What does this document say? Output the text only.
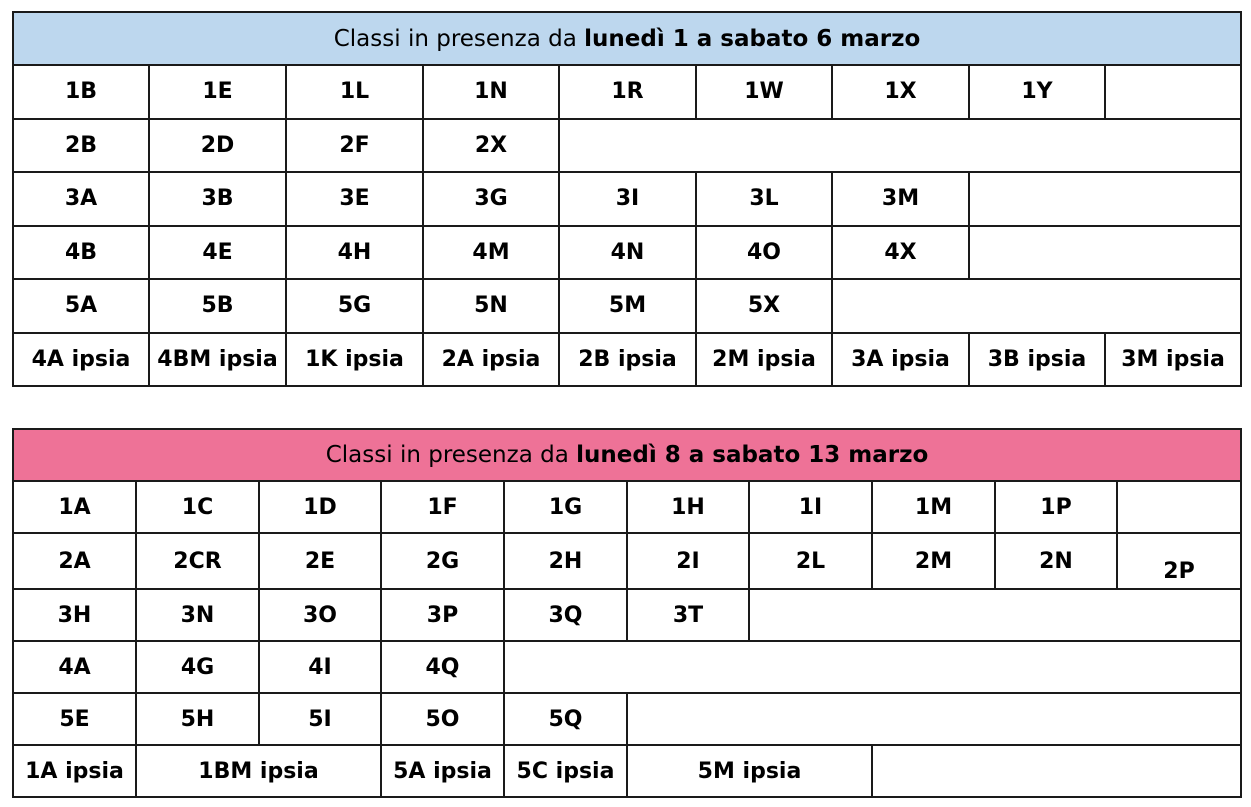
Classi in presenza da lunedì 1 a sabato 6 marzo								
1B	1E	1L	1N	1R	1W	1X	1Y	
2B	2D	2F	2X					
3A	3B	3E	3G	3I	3L	3M		
4B	4E	4H	4M	4N	4O	4X		
5A	5B	5G	5N	5M	5X			
4A ipsia	4BM ipsia	1K ipsia	2A ipsia	2B ipsia	2M ipsia	3A ipsia	3B ipsia	3M ipsia
Classi in presenza da lunedì 8 a sabato 13 marzo									
1A	1C	1D	1F	1G	1H	1I	1M	1P	
2A	2CR	2E	2G	2H	2I	2L	2M	2N	2P
3H	3N	3O	3P	3Q	3T				
4A	4G	4I	4Q						
5E	5H	5I	5O	5Q					
1A ipsia	1BM ipsia		5A ipsia	5C ipsia	5M ipsia				
